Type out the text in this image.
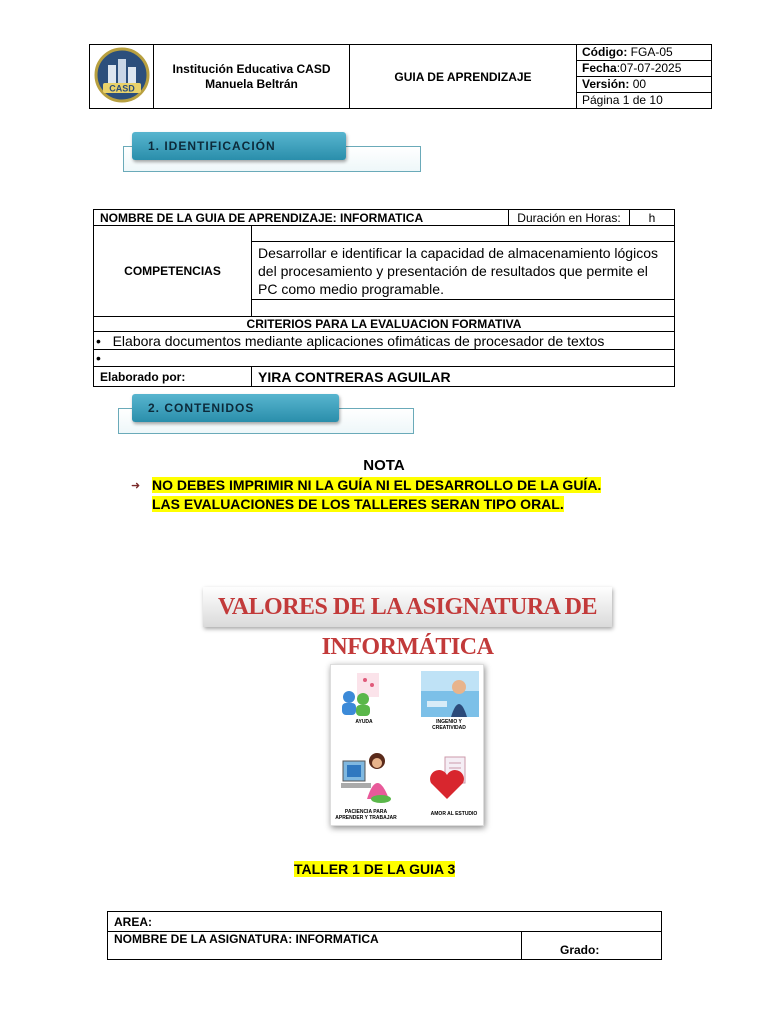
CASD

Institución Educativa CASD
Manuela Beltrán	GUIA DE APRENDIZAJE	Código: FGA-05
Fecha:07-07-2025
Versión: 00
Página 1 de 10
1. IDENTIFICACIÓN
NOMBRE DE LA GUIA DE APRENDIZAJE: INFORMATICA		Duración en Horas:	h
COMPETENCIAS			
	Desarrollar e identificar la capacidad de almacenamiento lógicos del procesamiento y presentación de resultados que permite el PC como medio programable.		

CRITERIOS PARA LA EVALUACION FORMATIVA			
•   Elabora documentos mediante aplicaciones ofimáticas de procesador de textos			
•			
Elaborado por:	YIRA CONTRERAS AGUILAR		
2. CONTENIDOS
NOTA
➜ NO DEBES IMPRIMIR NI LA GUÍA NI EL DESARROLLO DE LA GUÍA.
LAS EVALUACIONES DE LOS TALLERES SERAN TIPO ORAL.
VALORES DE LA ASIGNATURA DE INFORMÁTICA
AYUDA	INGENIO Y
CREATIVIDAD
PACIENCIA PARA
APRENDER Y TRABAJAR
AMOR AL ESTUDIO
TALLER 1 DE LA GUIA 3
AREA:
NOMBRE DE LA ASIGNATURA: INFORMATICA	Grado:
